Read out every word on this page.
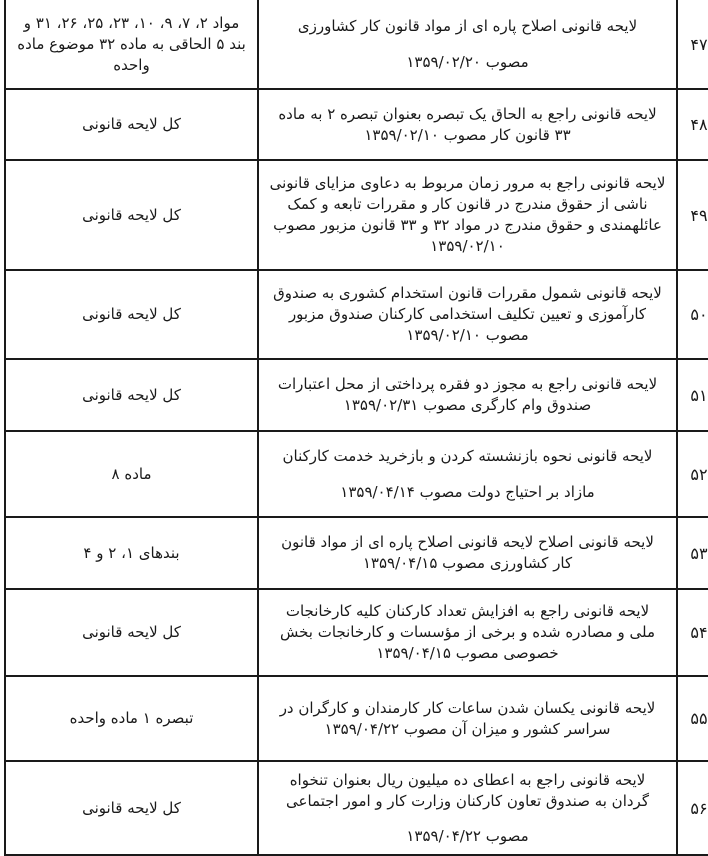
۴۷	لایحه قانونی اصلاح پاره ای از مواد قانون کار کشاورزی
مصوب ۱۳۵۹/۰۲/۲۰	مواد ۲، ۷، ۹، ۱۰، ۲۳، ۲۵، ۲۶، ۳۱ و
بند ۵ الحاقی به ماده ۳۲ موضوع ماده
واحده

۴۸	لایحه قانونی راجع به الحاق یک تبصره بعنوان تبصره ۲ به ماده
۳۳ قانون کار مصوب ۱۳۵۹/۰۲/۱۰	کل لایحه قانونی

۴۹	لایحه قانونی راجع به مرور زمان مربوط به دعاوی مزایای قانونی
ناشی از حقوق مندرج در قانون کار و مقررات تابعه و کمک
عائلهمندی و حقوق مندرج در مواد ۳۲ و ۳۳ قانون مزبور مصوب
۱۳۵۹/۰۲/۱۰	کل لایحه قانونی

۵۰	لایحه قانونی شمول مقررات قانون استخدام کشوری به صندوق
کارآموزی و تعیین تکلیف استخدامی کارکنان صندوق مزبور
مصوب ۱۳۵۹/۰۲/۱۰	کل لایحه قانونی

۵۱	لایحه قانونی راجع به مجوز دو فقره پرداختی از محل اعتبارات
صندوق وام کارگری مصوب ۱۳۵۹/۰۲/۳۱	کل لایحه قانونی

۵۲	لایحه قانونی نحوه بازنشسته کردن و بازخرید خدمت کارکنان
مازاد بر احتیاج دولت مصوب ۱۳۵۹/۰۴/۱۴	ماده ۸

۵۳	لایحه قانونی اصلاح لایحه قانونی اصلاح پاره ای از مواد قانون
کار کشاورزی مصوب ۱۳۵۹/۰۴/۱۵	بندهای ۱، ۲ و ۴

۵۴	لایحه قانونی راجع به افزایش تعداد کارکنان کلیه کارخانجات
ملی و مصادره شده و برخی از مؤسسات و کارخانجات بخش
خصوصی مصوب ۱۳۵۹/۰۴/۱۵	کل لایحه قانونی

۵۵	لایحه قانونی یکسان شدن ساعات کار کارمندان و کارگران در
سراسر کشور و میزان آن مصوب ۱۳۵۹/۰۴/۲۲	تبصره ۱ ماده واحده

۵۶	لایحه قانونی راجع به اعطای ده میلیون ریال بعنوان تنخواه
گردان به صندوق تعاون کارکنان وزارت کار و امور اجتماعی
مصوب ۱۳۵۹/۰۴/۲۲	کل لایحه قانونی
